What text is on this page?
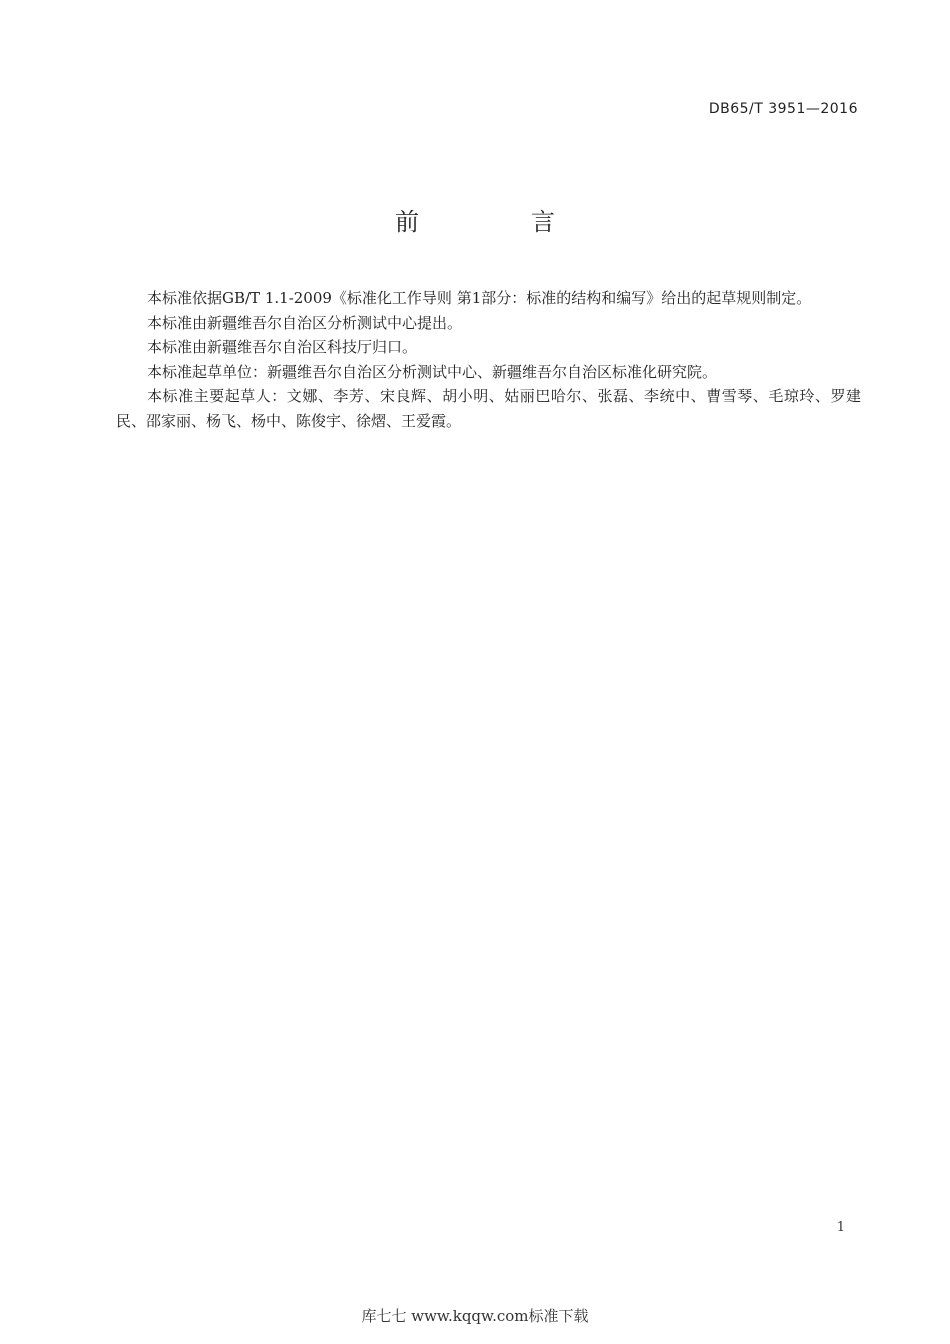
DB65/T 3951—2016
前　言

本标准依据GB/T 1.1-2009《标准化工作导则 第1部分：标准的结构和编写》给出的起草规则制定。

本标准由新疆维吾尔自治区分析测试中心提出。

本标准由新疆维吾尔自治区科技厅归口。

本标准起草单位：新疆维吾尔自治区分析测试中心、新疆维吾尔自治区标准化研究院。

本标准主要起草人：文娜、李芳、宋良辉、胡小明、姑丽巴哈尔、张磊、李统中、曹雪琴、毛琼玲、罗建民、邵家丽、杨飞、杨中、陈俊宇、徐熠、王爱霞。

1
库七七 www.kqqw.com标准下载
